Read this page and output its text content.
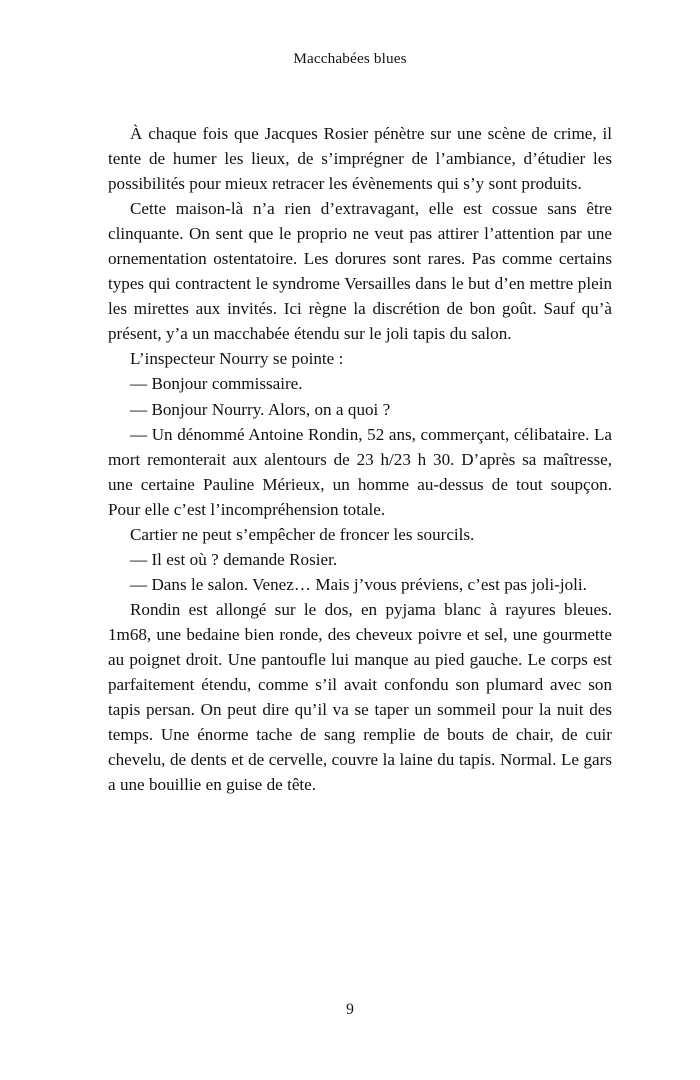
Macchabées blues

À chaque fois que Jacques Rosier pénètre sur une scène de crime, il tente de humer les lieux, de s’imprégner de l’ambiance, d’étudier les possibilités pour mieux retracer les évènements qui s’y sont produits.

Cette maison-là n’a rien d’extravagant, elle est cossue sans être clinquante. On sent que le proprio ne veut pas attirer l’attention par une ornementation ostentatoire. Les dorures sont rares. Pas comme certains types qui contractent le syndrome Versailles dans le but d’en mettre plein les mirettes aux invités. Ici règne la discrétion de bon goût. Sauf qu’à présent, y’a un macchabée étendu sur le joli tapis du salon.

L’inspecteur Nourry se pointe :

— Bonjour commissaire.

— Bonjour Nourry. Alors, on a quoi ?

— Un dénommé Antoine Rondin, 52 ans, commerçant, célibataire. La mort remonterait aux alentours de 23 h/23 h 30. D’après sa maîtresse, une certaine Pauline Mérieux, un homme au-dessus de tout soupçon. Pour elle c’est l’incompréhension totale.

Cartier ne peut s’empêcher de froncer les sourcils.

— Il est où ? demande Rosier.

— Dans le salon. Venez… Mais j’vous préviens, c’est pas joli-joli.

Rondin est allongé sur le dos, en pyjama blanc à rayures bleues. 1m68, une bedaine bien ronde, des cheveux poivre et sel, une gourmette au poignet droit. Une pantoufle lui manque au pied gauche. Le corps est parfaitement étendu, comme s’il avait confondu son plumard avec son tapis persan. On peut dire qu’il va se taper un sommeil pour la nuit des temps. Une énorme tache de sang remplie de bouts de chair, de cuir chevelu, de dents et de cervelle, couvre la laine du tapis. Normal. Le gars a une bouillie en guise de tête.

9
